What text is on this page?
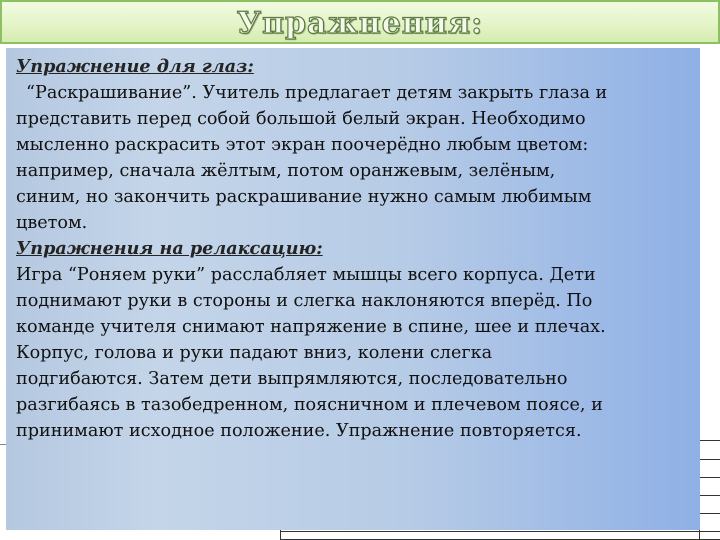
Упражнения:
Упражнение для глаз:
“Раскрашивание”. Учитель предлагает детям закрыть глаза и
представить перед собой большой белый экран. Необходимо
мысленно раскрасить этот экран поочерёдно любым цветом:
например, сначала жёлтым, потом оранжевым, зелёным,
синим, но закончить раскрашивание нужно самым любимым
цветом.
Упражнения на релаксацию:
Игра “Роняем руки” расслабляет мышцы всего корпуса. Дети
поднимают руки в стороны и слегка наклоняются вперёд. По
команде учителя снимают напряжение в спине, шее и плечах.
Корпус, голова и руки падают вниз, колени слегка
подгибаются. Затем дети выпрямляются, последовательно
разгибаясь в тазобедренном, поясничном и плечевом поясе, и
принимают исходное положение. Упражнение повторяется.
